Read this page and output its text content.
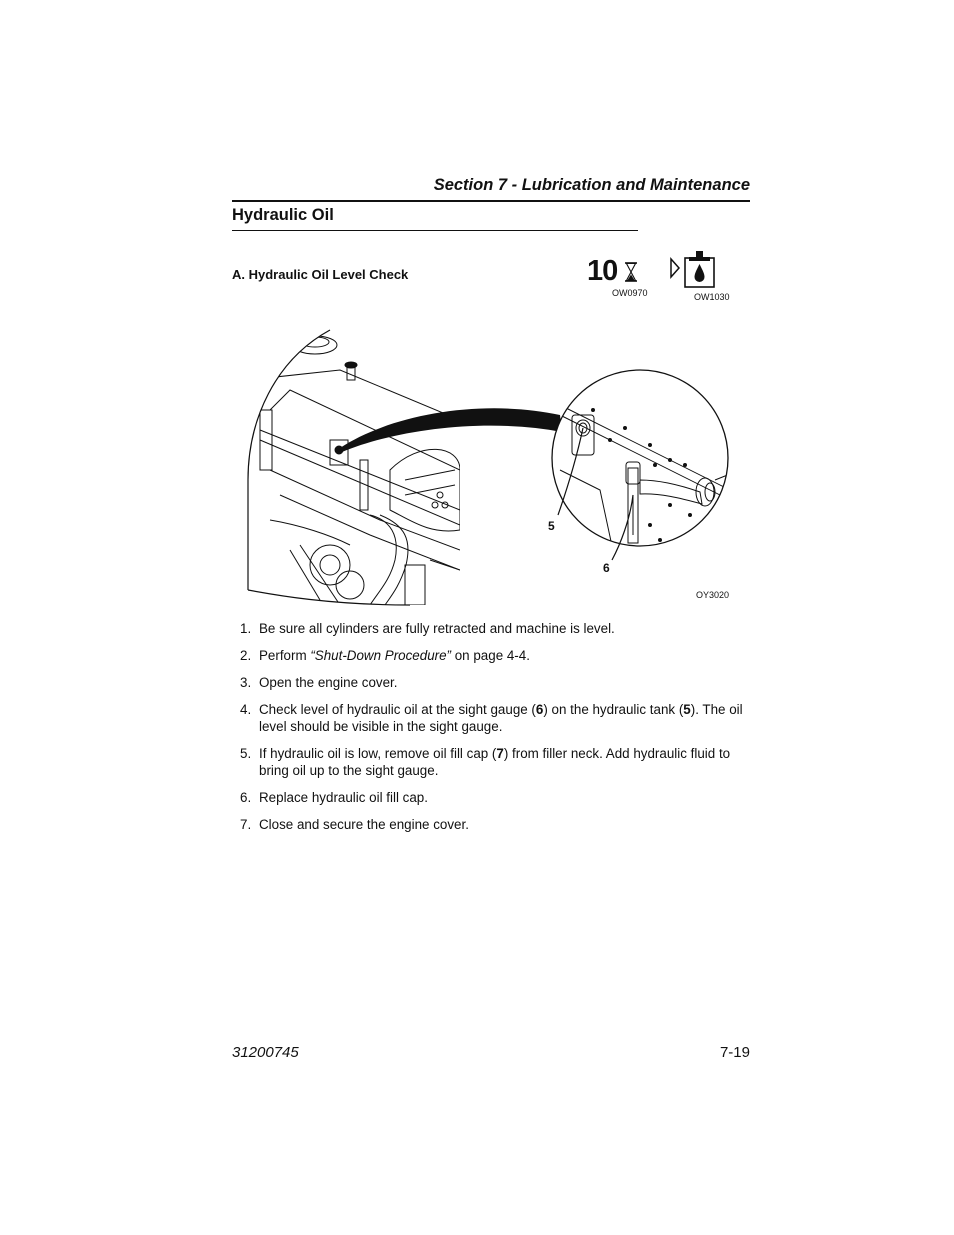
Section 7 - Lubrication and Maintenance
Hydraulic Oil
A. Hydraulic Oil Level Check	10
OW0970	OW1030
5
6
OY3020
1. Be sure all cylinders are fully retracted and machine is level.
2. Perform “Shut-Down Procedure” on page 4-4.
3. Open the engine cover.
4. Check level of hydraulic oil at the sight gauge (6) on the hydraulic tank (5). The oil level should be visible in the sight gauge.
5. If hydraulic oil is low, remove oil fill cap (7) from filler neck. Add hydraulic fluid to bring oil up to the sight gauge.
6. Replace hydraulic oil fill cap.
7. Close and secure the engine cover.
31200745	7-19
